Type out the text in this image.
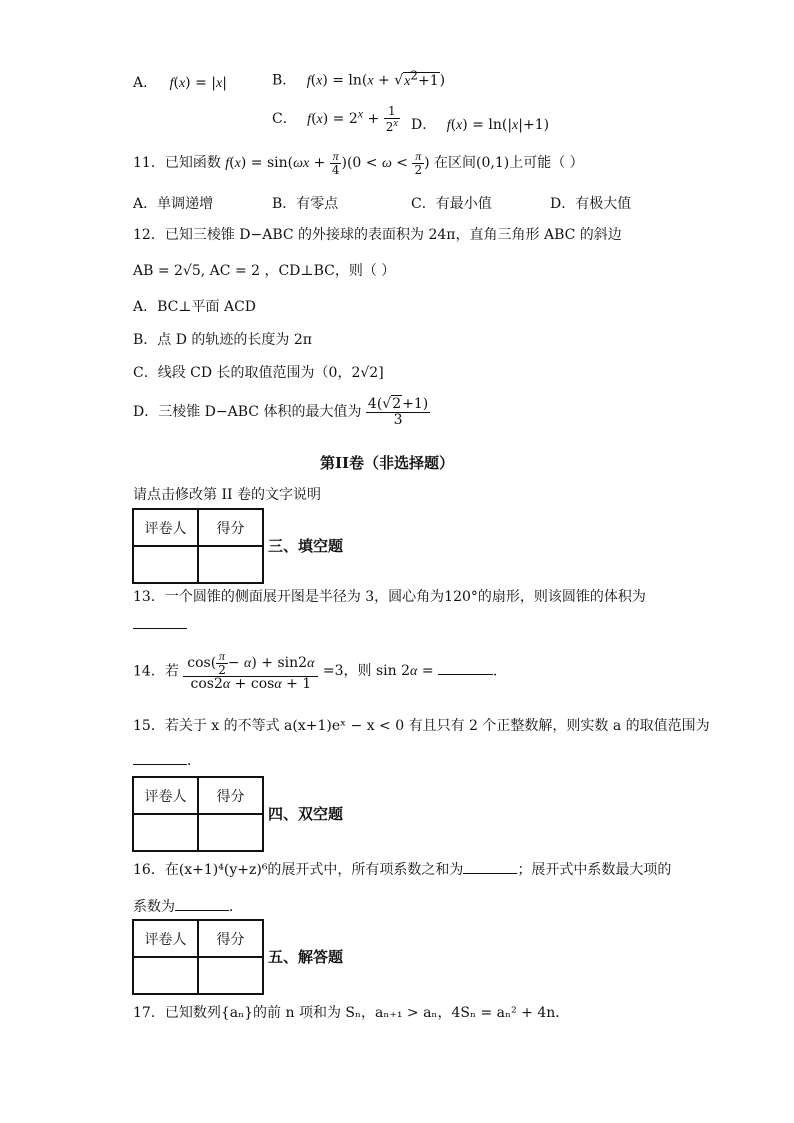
A． f(x) = |x|	B． $f(x) = \ln(x + √x^2+1)$
C． $f(x) = 2^x + \frac{1}{2^x}$ D． f(x) = ln(|x|+1)
11．已知函数 $f(x) = \sin(\omega x + \frac{\pi}{4} )(0 < \omega < \frac{\pi}{2}$ ) 在区间(0,1)上可能（ ）
A．单调递增	B．有零点	C．有最小值	D．有极大值
12．已知三棱锥 D−ABC 的外接球的表面积为 24π，直角三角形 ABC 的斜边
AB = 2√5, AC = 2 ，CD⊥BC，则（ ）
A．BC⊥平面 ACD
B．点 D 的轨迹的长度为 2π
C．线段 CD 长的取值范围为（0，2√2]
D．三棱锥 D−ABC 体积的最大值为 $\frac{4(√2+1)}{3}$
第II卷（非选择题）
请点击修改第 II 卷的文字说明
评卷人	得分

三、填空题
13．一个圆锥的侧面展开图是半径为 3，圆心角为120°的扇形，则该圆锥的体积为
14．若 $\frac{\cos( \frac{\pi}{2} - \alpha) + \sin 2\alpha}{\cos 2\alpha + \cos\alpha + 1} =3$，则 sin 2α =	．
15．若关于 x 的不等式 a(x+1)eˣ − x < 0 有且只有 2 个正整数解，则实数 a 的取值范围为
．
评卷人	得分

四、双空题
16．在(x+1)⁴(y+z)⁶的展开式中，所有项系数之和为	；展开式中系数最大项的
系数为	．
评卷人	得分

五、解答题
17．已知数列{aₙ}的前 n 项和为 Sₙ，aₙ₊₁ > aₙ，4Sₙ = aₙ² + 4n．
